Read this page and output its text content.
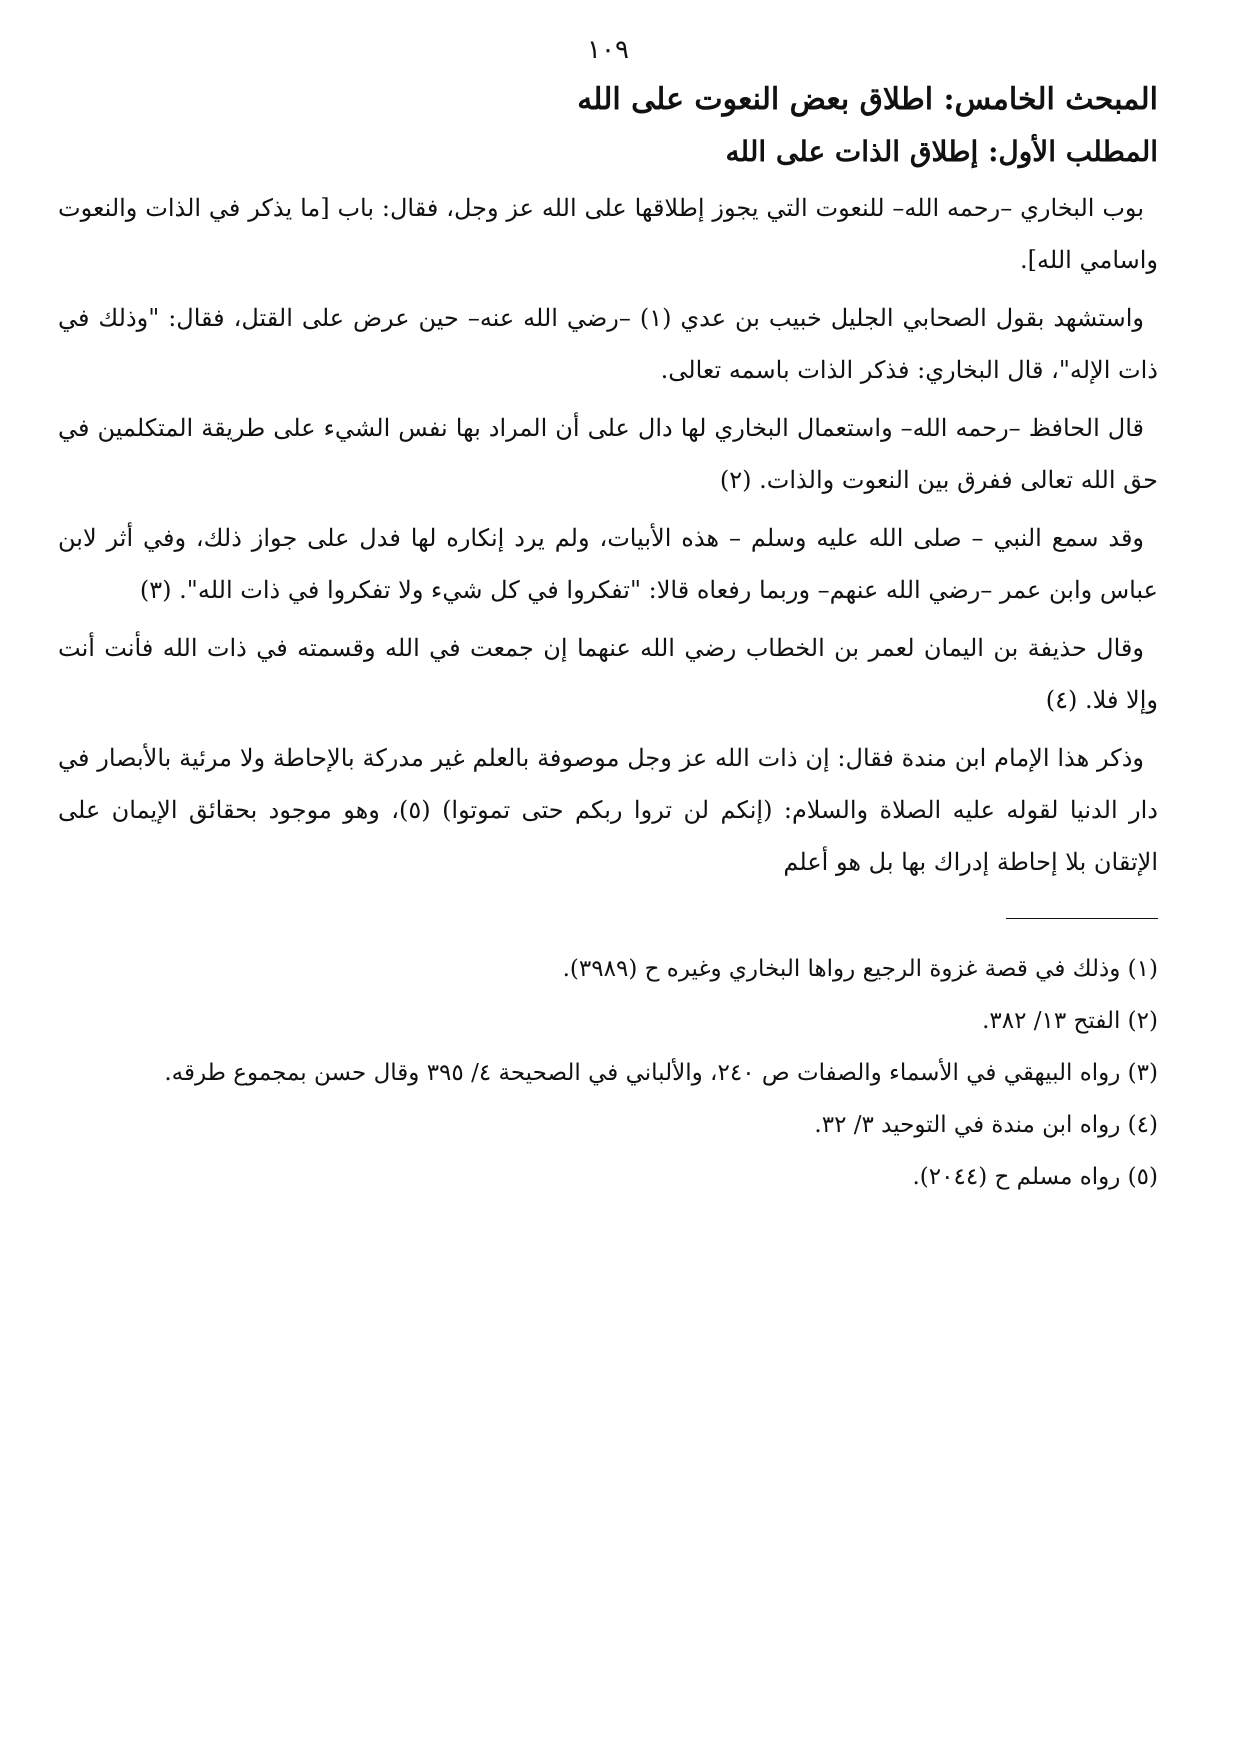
١٠٩
المبحث الخامس: اطلاق بعض النعوت على الله
المطلب الأول: إطلاق الذات على الله

بوب البخاري –رحمه الله– للنعوت التي يجوز إطلاقها على الله عز وجل، فقال: باب [ما يذكر في الذات والنعوت واسامي الله].

واستشهد بقول الصحابي الجليل خبيب بن عدي (١) –رضي الله عنه– حين عرض على القتل، فقال: "وذلك في ذات الإله"، قال البخاري: فذكر الذات باسمه تعالى.

قال الحافظ –رحمه الله– واستعمال البخاري لها دال على أن المراد بها نفس الشيء على طريقة المتكلمين في حق الله تعالى ففرق بين النعوت والذات. (٢)

وقد سمع النبي – صلى الله عليه وسلم – هذه الأبيات، ولم يرد إنكاره لها فدل على جواز ذلك، وفي أثر لابن عباس وابن عمر –رضي الله عنهم– وربما رفعاه قالا: "تفكروا في كل شيء ولا تفكروا في ذات الله". (٣)

وقال حذيفة بن اليمان لعمر بن الخطاب رضي الله عنهما إن جمعت في الله وقسمته في ذات الله فأنت أنت وإلا فلا. (٤)

وذكر هذا الإمام ابن مندة فقال: إن ذات الله عز وجل موصوفة بالعلم غير مدركة بالإحاطة ولا مرئية بالأبصار في دار الدنيا لقوله عليه الصلاة والسلام: (إنكم لن تروا ربكم حتى تموتوا) (٥)، وهو موجود بحقائق الإيمان على الإتقان بلا إحاطة إدراك بها بل هو أعلم

(١) وذلك في قصة غزوة الرجيع رواها البخاري وغيره ح (٣٩٨٩).

(٢) الفتح ١٣/ ٣٨٢.

(٣) رواه البيهقي في الأسماء والصفات ص ٢٤٠، والألباني في الصحيحة ٤/ ٣٩٥ وقال حسن بمجموع طرقه.

(٤) رواه ابن مندة في التوحيد ٣/ ٣٢.

(٥) رواه مسلم ح (٢٠٤٤).
